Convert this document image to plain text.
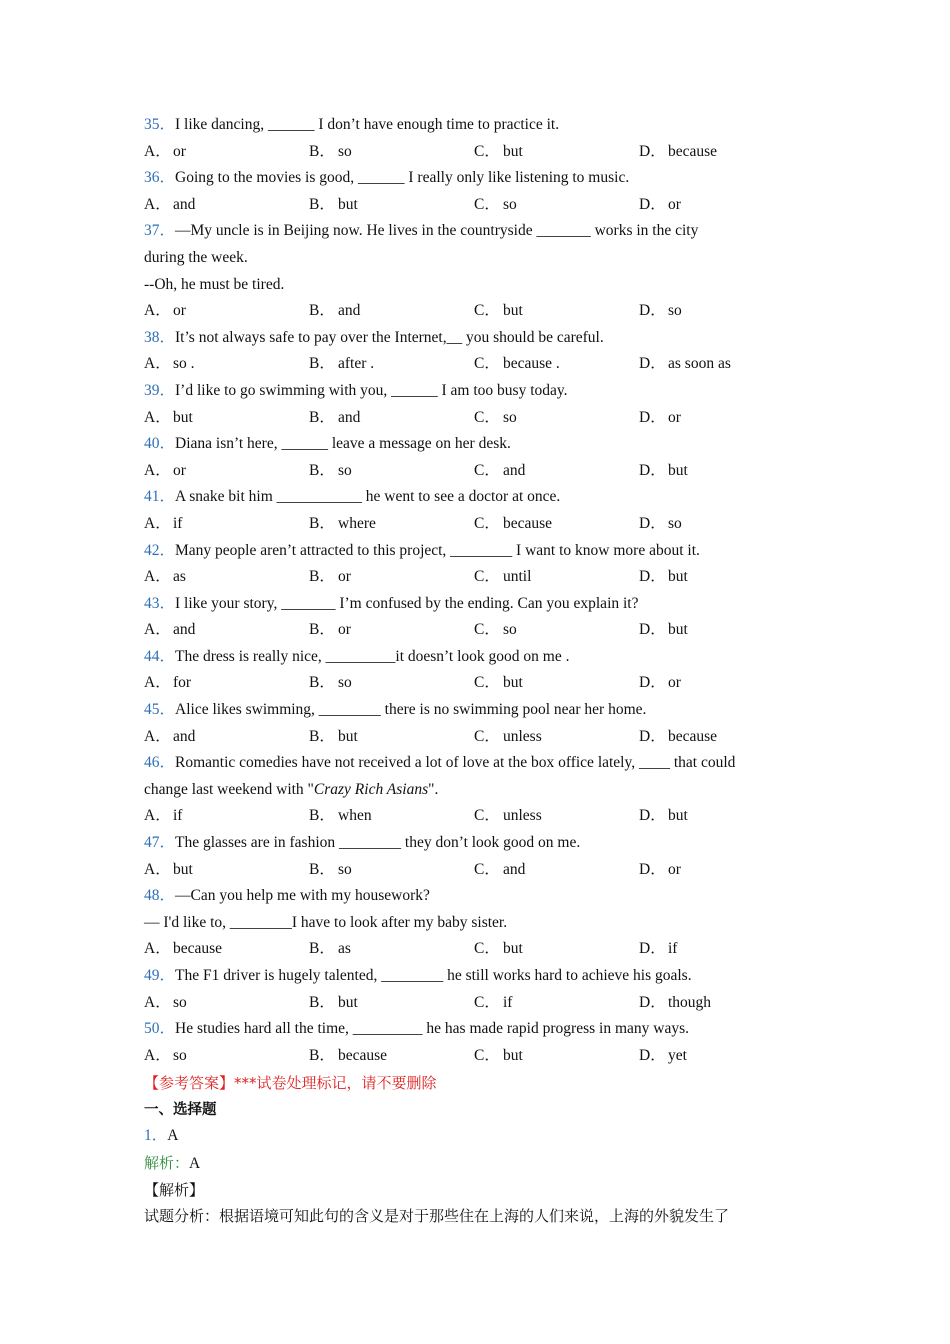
35．I like dancing, ______ I don’t have enough time to practice it.
A． or	B． so	C． but	D． because
36．Going to the movies is good, ______ I really only like listening to music.
A． and	B． but	C． so	D． or
37．—My uncle is in Beijing now. He lives in the countryside _______ works in the city
during the week.
--Oh, he must be tired.
A． or	B． and	C． but	D． so
38．It’s not always safe to pay over the Internet,__ you should be careful.
A． so .	B． after .	C． because .	D． as soon as
39．I’d like to go swimming with you, ______ I am too busy today.
A． but	B． and	C． so	D． or
40．Diana isn’t here, ______ leave a message on her desk.
A． or	B． so	C． and	D． but
41．A snake bit him ___________ he went to see a doctor at once.
A． if	B． where	C． because	D． so
42．Many people aren’t attracted to this project, ________ I want to know more about it.
A． as	B． or	C． until	D． but
43．I like your story, _______ I’m confused by the ending. Can you explain it?
A． and	B． or	C． so	D． but
44．The dress is really nice, _________it doesn’t look good on me .
A． for	B． so	C． but	D． or
45．Alice likes swimming, ________ there is no swimming pool near her home.
A． and	B． but	C． unless	D． because
46．Romantic comedies have not received a lot of love at the box office lately, ____ that could
change last weekend with "Crazy Rich Asians".
A． if	B． when	C． unless	D． but
47．The glasses are in fashion ________ they don’t look good on me.
A． but	B． so	C． and	D． or
48．—Can you help me with my housework?
— I'd like to, ________I have to look after my baby sister.
A． because	B． as	C． but	D． if
49．The F1 driver is hugely talented, ________ he still works hard to achieve his goals.
A． so	B． but	C． if	D． though
50．He studies hard all the time, _________ he has made rapid progress in many ways.
A． so	B． because	C． but	D． yet
【参考答案】***试卷处理标记，请不要删除
一、选择题
1．A
解析：A
【解析】
试题分析：根据语境可知此句的含义是对于那些住在上海的人们来说，上海的外貌发生了
